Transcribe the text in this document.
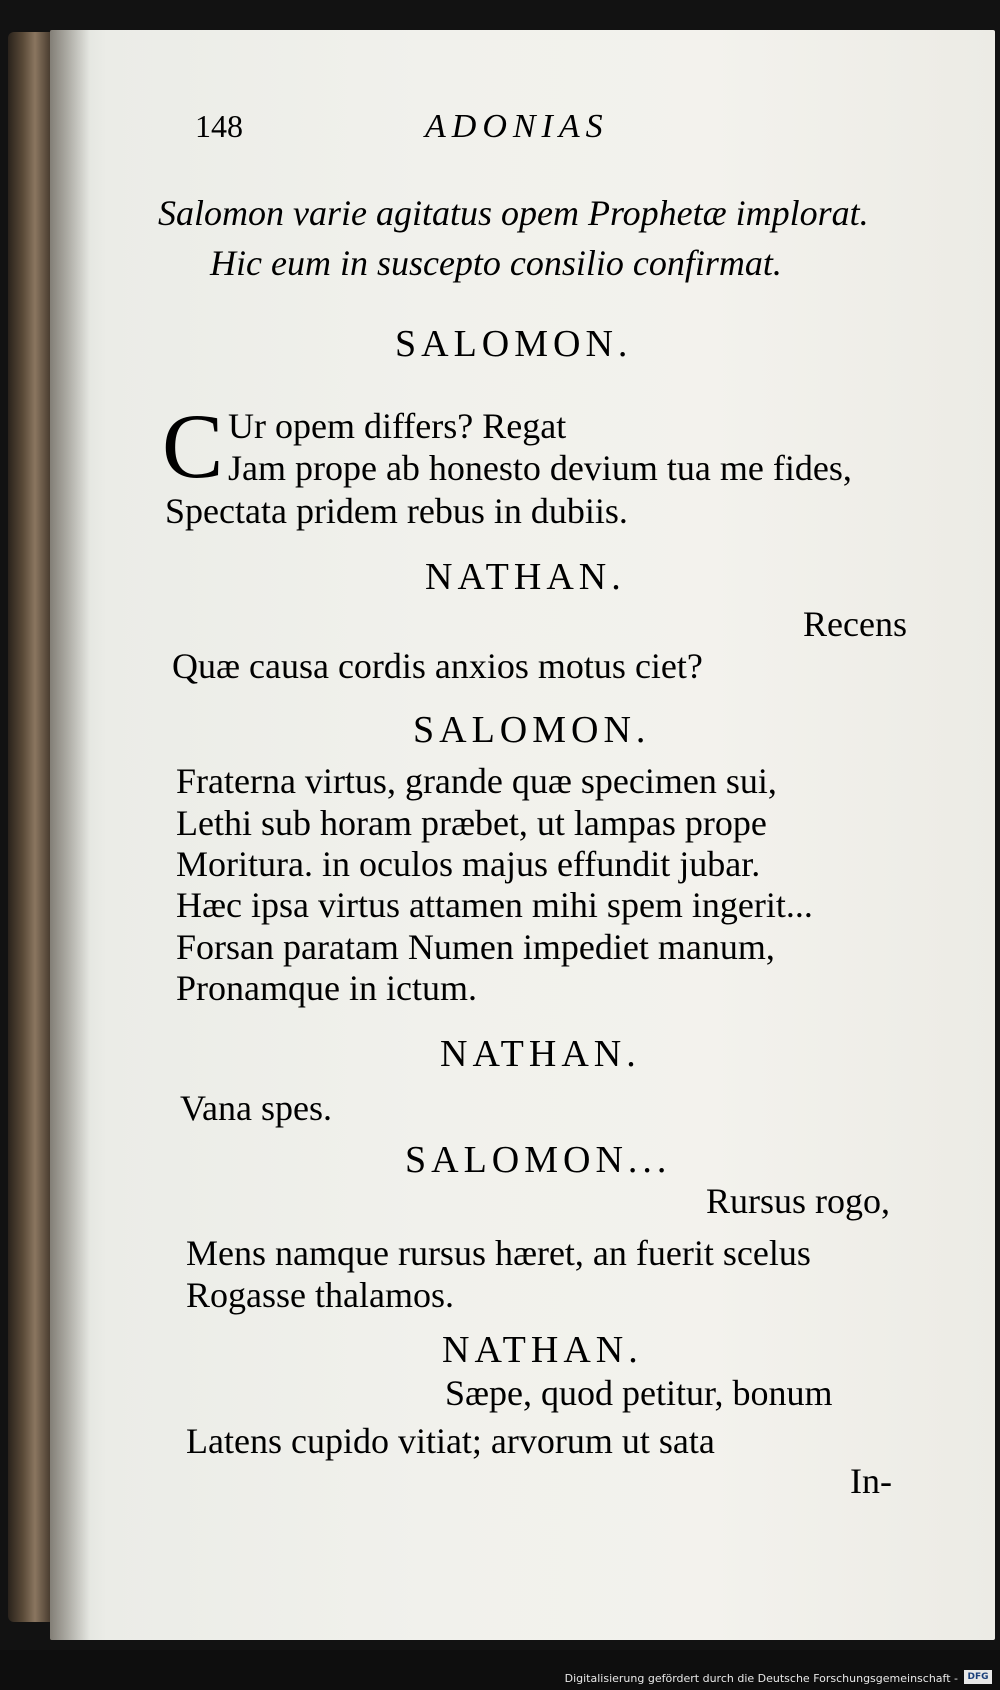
148	ADONIAS
Salomon varie agitatus opem Prophetæ implorat.
Hic eum in suscepto consilio confirmat.
SALOMON.
C Ur opem differs? Regat
Jam prope ab honesto devium tua me fides,
Spectata pridem rebus in dubiis.
NATHAN.
Recens
Quæ causa cordis anxios motus ciet?
SALOMON.
Fraterna virtus, grande quæ specimen sui,
Lethi sub horam præbet, ut lampas prope
Moritura. in oculos majus effundit jubar.
Hæc ipsa virtus attamen mihi spem ingerit...
Forsan paratam Numen impediet manum,
Pronamque in ictum.
NATHAN.
Vana spes.
SALOMON...
Rursus rogo,
Mens namque rursus hæret, an fuerit scelus
Rogasse thalamos.
NATHAN.
Sæpe, quod petitur, bonum
Latens cupido vitiat; arvorum ut sata
In-
Digitalisierung gefördert durch die Deutsche Forschungsgemeinschaft -	DFG
